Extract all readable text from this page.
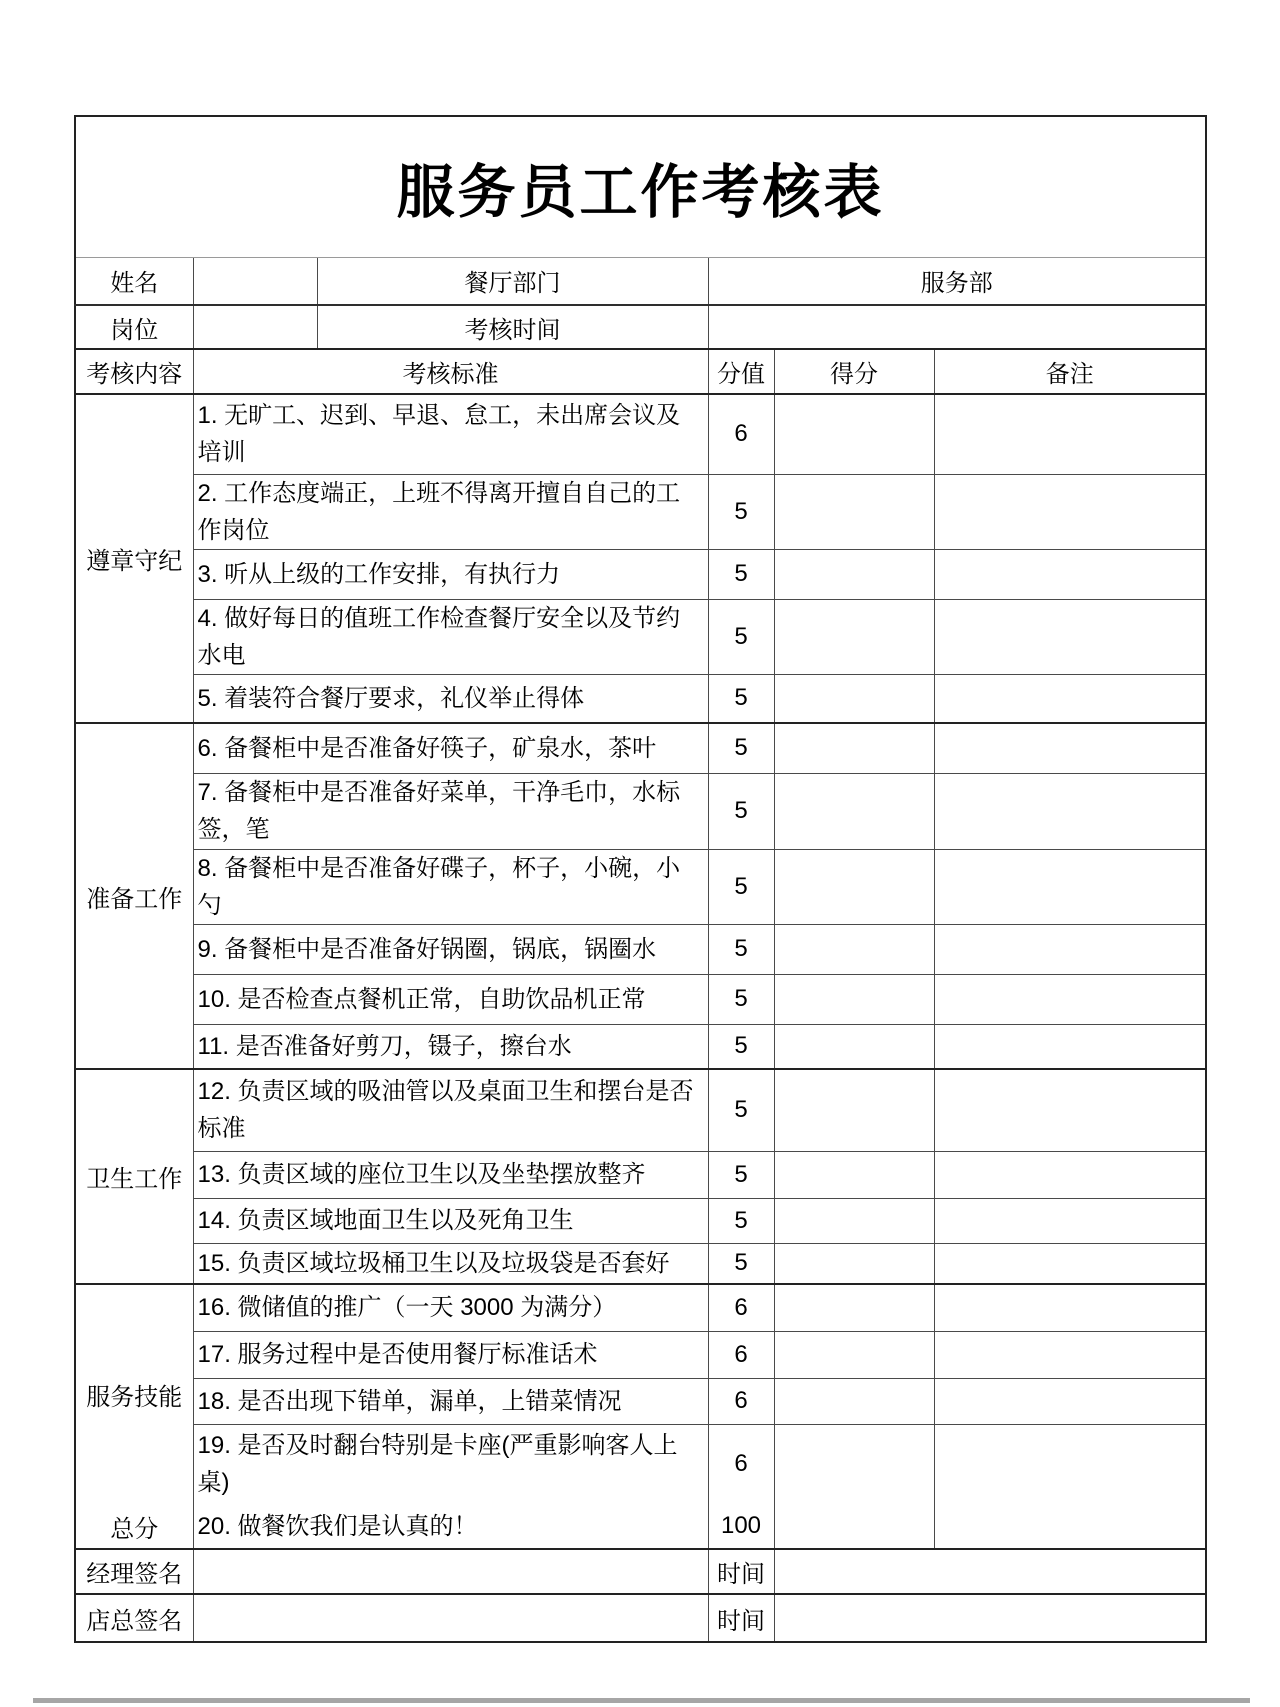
服务员工作考核表					
姓名		餐厅部门	服务部		
岗位		考核时间			
考核内容	考核标准		分值	得分	备注
遵章守纪	1. 无旷工、迟到、早退、怠工，未出席会议及培训		6		
	2. 工作态度端正，上班不得离开擅自自己的工作岗位		5		
	3. 听从上级的工作安排，有执行力		5		
	4. 做好每日的值班工作检查餐厅安全以及节约水电		5		
	5. 着装符合餐厅要求，礼仪举止得体		5		
准备工作	6. 备餐柜中是否准备好筷子，矿泉水，茶叶		5		
	7. 备餐柜中是否准备好菜单，干净毛巾，水标签，笔		5		
	8. 备餐柜中是否准备好碟子，杯子，小碗，小勺		5		
	9. 备餐柜中是否准备好锅圈，锅底，锅圈水		5		
	10. 是否检查点餐机正常，自助饮品机正常		5		
	11. 是否准备好剪刀，镊子，擦台水		5		
卫生工作	12. 负责区域的吸油管以及桌面卫生和摆台是否标准		5		
	13. 负责区域的座位卫生以及坐垫摆放整齐		5		
	14. 负责区域地面卫生以及死角卫生		5		
	15. 负责区域垃圾桶卫生以及垃圾袋是否套好		5		
服务技能	16. 微储值的推广（一天 3000 为满分）		6		
	17. 服务过程中是否使用餐厅标准话术		6		
	18. 是否出现下错单，漏单，上错菜情况		6		
	19. 是否及时翻台特别是卡座(严重影响客人上桌)		6		
总分	20. 做餐饮我们是认真的！		100		
经理签名			时间		
店总签名			时间		
